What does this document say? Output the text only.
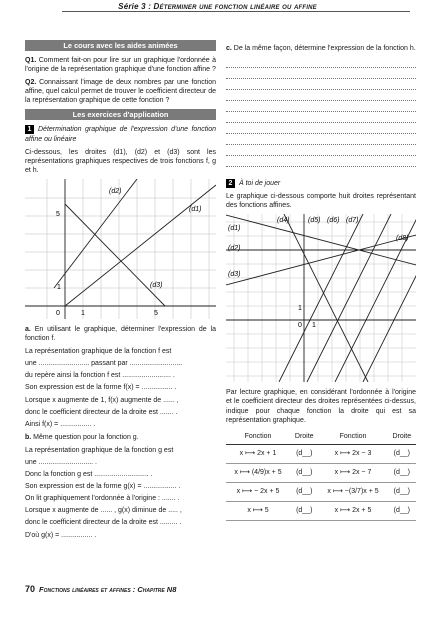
Série 3 : Déterminer une fonction linéaire ou affine
Le cours avec les aides animées

Q1. Comment fait-on pour lire sur un graphique l'ordonnée à l'origine de la représentation graphique d'une fonction affine ?

Q2. Connaissant l'image de deux nombres par une fonction affine, quel calcul permet de trouver le coefficient directeur de la représentation graphique de cette fonction ?

Les exercices d'application

1 Détermination graphique de l'expression d'une fonction affine ou linéaire

Ci-dessous, les droites (d1), (d2) et (d3) sont les représentations graphiques respectives de trois fonctions f, g et h.

5
1
0	1	5
(d1)
(d2)
(d3)

a. En utilisant le graphique, déterminer l'expression de la fonction f.

La représentation graphique de la fonction f est
une .......................... passant par ...........................
du repère ainsi la fonction f est ......................... .
Son expression est de la forme f(x) = ................ .
Lorsque x augmente de 1, f(x) augmente de ...... ,
donc le coefficient directeur de la droite est ....... .
Ainsi f(x) = ................ .

b. Même question pour la fonction g.

La représentation graphique de la fonction g est
une ............................ .
Donc la fonction g est ............................ .
Son expression est de la forme g(x) = ................. .
On lit graphiquement l'ordonnée à l'origine : ....... .
Lorsque x augmente de ...... , g(x) diminue de ..... ,
donc le coefficient directeur de la droite est ......... .
D'où g(x) = ................ .

c. De la même façon, détermine l'expression de la fonction h.

2 À toi de jouer

Le graphique ci-dessous comporte huit droites représentant des fonctions affines.

(d1)
(d2)
(d3)
(d4)	(d5) (d6) (d7)
(d8)
1
0 1

Par lecture graphique, en considérant l'ordonnée à l'origine et le coefficient directeur des droites représentées ci-dessus, indique pour chaque fonction la droite qui est sa représentation graphique.

Fonction	Droite	Fonction	Droite
x ⟼ 2x + 1	(d__)	x ⟼ 2x − 3	(d__)
x ⟼ (4/9)x + 5	(d__)	x ⟼ 2x − 7	(d__)
x ⟼ − 2x + 5	(d__)	x ⟼ −(3/7)x + 5	(d__)
x ⟼ 5	(d__)	x ⟼ 2x + 5	(d__)
70 Fonctions linéaires et affines : Chapitre N8
